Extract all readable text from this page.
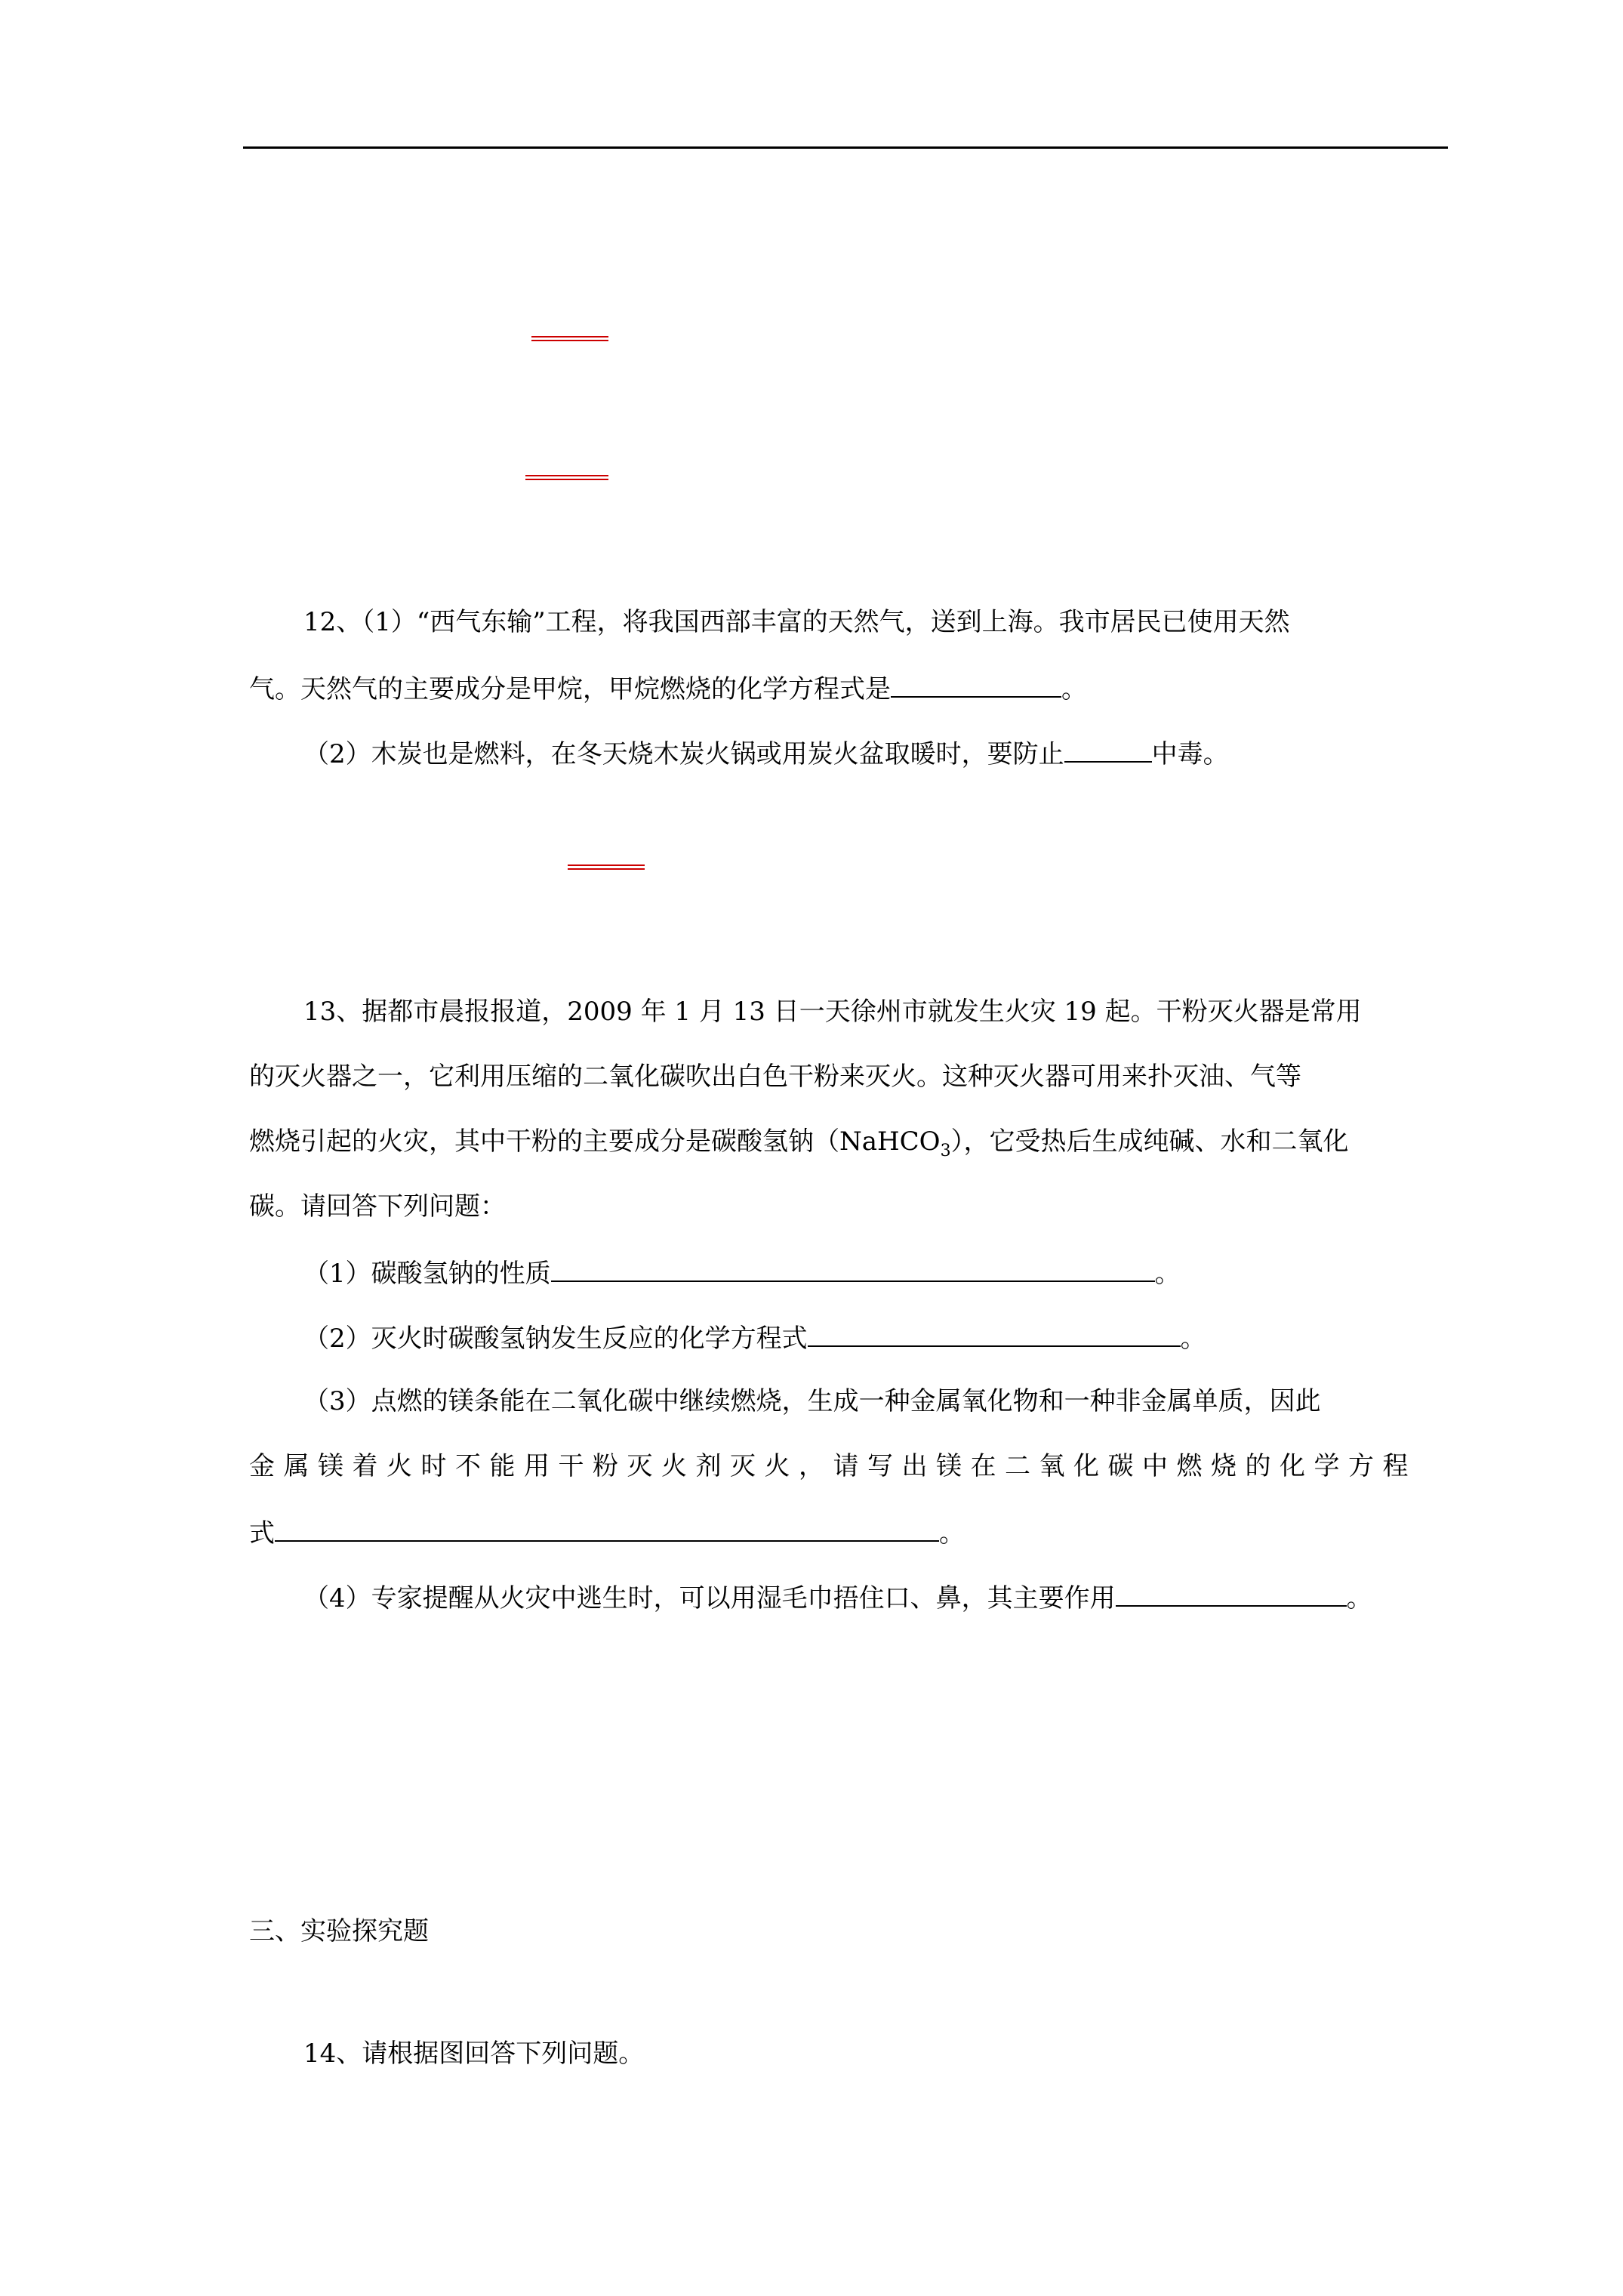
12、（1）“西气东输”工程，将我国西部丰富的天然气，送到上海。我市居民已使用天然
气。天然气的主要成分是甲烷，甲烷燃烧的化学方程式是	。
（2）木炭也是燃料，在冬天烧木炭火锅或用炭火盆取暖时，要防止	中毒。
13、据都市晨报报道，2009 年 1 月 13 日一天徐州市就发生火灾 19 起。干粉灭火器是常用
的灭火器之一，它利用压缩的二氧化碳吹出白色干粉来灭火。这种灭火器可用来扑灭油、气等
燃烧引起的火灾，其中干粉的主要成分是碳酸氢钠（NaHCO$_3$），它受热后生成纯碱、水和二氧化
碳。请回答下列问题：
（1）碳酸氢钠的性质	。
（2）灭火时碳酸氢钠发生反应的化学方程式	。
（3）点燃的镁条能在二氧化碳中继续燃烧，生成一种金属氧化物和一种非金属单质，因此
金属镁着火时不能用干粉灭火剂灭火，请写出镁在二氧化碳中燃烧的化学方程
式	。
（4）专家提醒从火灾中逃生时，可以用湿毛巾捂住口、鼻，其主要作用	。
三、实验探究题
14、请根据图回答下列问题。
